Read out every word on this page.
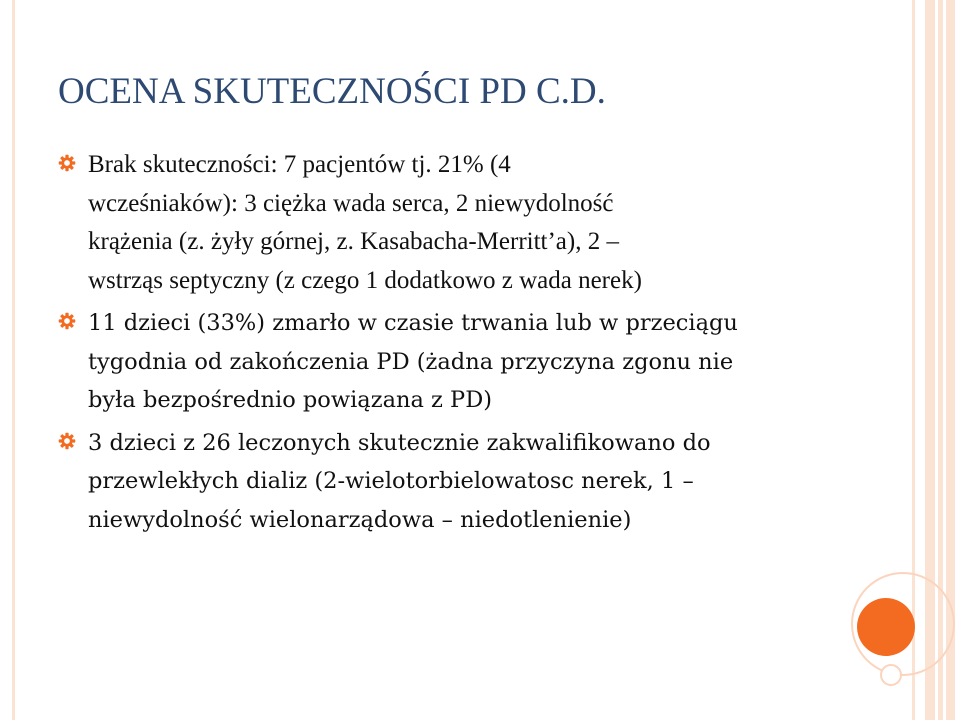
OCENA SKUTECZNOŚCI PD C.D.
Brak skuteczności: 7 pacjentów tj. 21% (4
wcześniaków): 3 ciężka wada serca, 2 niewydolność
krążenia (z. żyły górnej, z. Kasabacha-Merritt’a), 2 –
wstrząs septyczny (z czego 1 dodatkowo z wada nerek)
11 dzieci (33%) zmarło w czasie trwania lub w przeciągu
tygodnia od zakończenia PD (żadna przyczyna zgonu nie
była bezpośrednio powiązana z PD)
3 dzieci z 26 leczonych skutecznie zakwalifikowano do
przewlekłych dializ (2-wielotorbielowatosc nerek, 1 –
niewydolność wielonarządowa – niedotlenienie)
